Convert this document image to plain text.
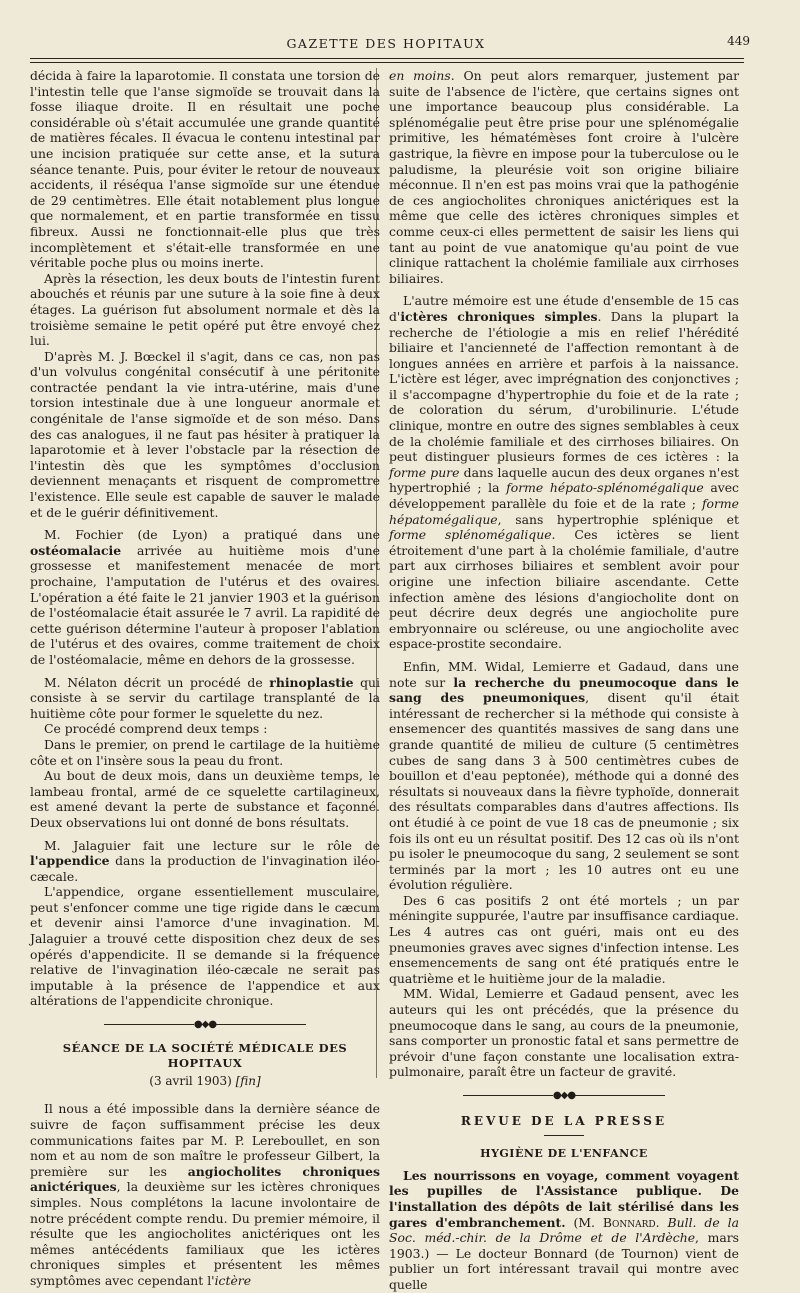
GAZETTE DES HOPITAUX	449

décida à faire la laparotomie. Il constata une torsion de l'intestin telle que l'anse sigmoïde se trouvait dans la fosse iliaque droite. Il en résultait une poche considérable où s'était accumulée une grande quantité de matières fécales. Il évacua le contenu intestinal par une incision pratiquée sur cette anse, et la sutura séance tenante. Puis, pour éviter le retour de nouveaux accidents, il réséqua l'anse sigmoïde sur une étendue de 29 centimètres. Elle était notablement plus longue que normalement, et en partie transformée en tissu fibreux. Aussi ne fonctionnait-elle plus que très incomplètement et s'était-elle transformée en une véritable poche plus ou moins inerte.

Après la résection, les deux bouts de l'intestin furent abouchés et réunis par une suture à la soie fine à deux étages. La guérison fut absolument normale et dès la troisième semaine le petit opéré put être envoyé chez lui.

D'après M. J. Bœckel il s'agit, dans ce cas, non pas d'un volvulus congénital consécutif à une péritonite contractée pendant la vie intra-utérine, mais d'une torsion intestinale due à une longueur anormale et congénitale de l'anse sigmoïde et de son méso. Dans des cas analogues, il ne faut pas hésiter à pratiquer la laparotomie et à lever l'obstacle par la résection de l'intestin dès que les symptômes d'occlusion deviennent menaçants et risquent de compromettre l'existence. Elle seule est capable de sauver le malade et de le guérir définitivement.

M. Fochier (de Lyon) a pratiqué dans une ostéomalacie arrivée au huitième mois d'une grossesse et manifestement menacée de mort prochaine, l'amputation de l'utérus et des ovaires. L'opération a été faite le 21 janvier 1903 et la guérison de l'ostéomalacie était assurée le 7 avril. La rapidité de cette guérison détermine l'auteur à proposer l'ablation de l'utérus et des ovaires, comme traitement de choix de l'ostéomalacie, même en dehors de la grossesse.

M. Nélaton décrit un procédé de rhinoplastie qui consiste à se servir du cartilage transplanté de la huitième côte pour former le squelette du nez.

Ce procédé comprend deux temps :

Dans le premier, on prend le cartilage de la huitième côte et on l'insère sous la peau du front.

Au bout de deux mois, dans un deuxième temps, le lambeau frontal, armé de ce squelette cartilagineux, est amené devant la perte de substance et façonné. Deux observations lui ont donné de bons résultats.

M. Jalaguier fait une lecture sur le rôle de l'appendice dans la production de l'invagination iléo-cæcale.

L'appendice, organe essentiellement musculaire, peut s'enfoncer comme une tige rigide dans le cæcum et devenir ainsi l'amorce d'une invagination. M. Jalaguier a trouvé cette disposition chez deux de ses opérés d'appendicite. Il se demande si la fréquence relative de l'invagination iléo-cæcale ne serait pas imputable à la présence de l'appendice et aux altérations de l'appendicite chronique.

●◆●
SÉANCE DE LA SOCIÉTÉ MÉDICALE DES HOPITAUX
(3 avril 1903) [fin]

Il nous a été impossible dans la dernière séance de suivre de façon suffisamment précise les deux communications faites par M. P. Lereboullet, en son nom et au nom de son maître le professeur Gilbert, la première sur les angiocholites chroniques anictériques, la deuxième sur les ictères chroniques simples. Nous complétons la lacune involontaire de notre précédent compte rendu. Du premier mémoire, il résulte que les angiocholites anictériques ont les mêmes antécédents familiaux que les ictères chroniques simples et présentent les mêmes symptômes avec cependant l'ictère

en moins. On peut alors remarquer, justement par suite de l'absence de l'ictère, que certains signes ont une importance beaucoup plus considérable. La splénomégalie peut être prise pour une splénomégalie primitive, les hématémèses font croire à l'ulcère gastrique, la fièvre en impose pour la tuberculose ou le paludisme, la pleurésie voit son origine biliaire méconnue. Il n'en est pas moins vrai que la pathogénie de ces angiocholites chroniques anictériques est la même que celle des ictères chroniques simples et comme ceux-ci elles permettent de saisir les liens qui tant au point de vue anatomique qu'au point de vue clinique rattachent la cholémie familiale aux cirrhoses biliaires.

L'autre mémoire est une étude d'ensemble de 15 cas d'ictères chroniques simples. Dans la plupart la recherche de l'étiologie a mis en relief l'hérédité biliaire et l'ancienneté de l'affection remontant à de longues années en arrière et parfois à la naissance. L'ictère est léger, avec imprégnation des conjonctives ; il s'accompagne d'hypertrophie du foie et de la rate ; de coloration du sérum, d'urobilinurie. L'étude clinique, montre en outre des signes semblables à ceux de la cholémie familiale et des cirrhoses biliaires. On peut distinguer plusieurs formes de ces ictères : la forme pure dans laquelle aucun des deux organes n'est hypertrophié ; la forme hépato-splénomégalique avec développement parallèle du foie et de la rate ; forme hépatomégalique, sans hypertrophie splénique et forme splénomégalique. Ces ictères se lient étroitement d'une part à la cholémie familiale, d'autre part aux cirrhoses biliaires et semblent avoir pour origine une infection biliaire ascendante. Cette infection amène des lésions d'angiocholite dont on peut décrire deux degrés une angiocholite pure embryonnaire ou scléreuse, ou une angiocholite avec espace-prostite secondaire.

Enfin, MM. Widal, Lemierre et Gadaud, dans une note sur la recherche du pneumocoque dans le sang des pneumoniques, disent qu'il était intéressant de rechercher si la méthode qui consiste à ensemencer des quantités massives de sang dans une grande quantité de milieu de culture (5 centimètres cubes de sang dans 3 à 500 centimètres cubes de bouillon et d'eau peptonée), méthode qui a donné des résultats si nouveaux dans la fièvre typhoïde, donnerait des résultats comparables dans d'autres affections. Ils ont étudié à ce point de vue 18 cas de pneumonie ; six fois ils ont eu un résultat positif. Des 12 cas où ils n'ont pu isoler le pneumocoque du sang, 2 seulement se sont terminés par la mort ; les 10 autres ont eu une évolution régulière.

Des 6 cas positifs 2 ont été mortels ; un par méningite suppurée, l'autre par insuffisance cardiaque. Les 4 autres cas ont guéri, mais ont eu des pneumonies graves avec signes d'infection intense. Les ensemencements de sang ont été pratiqués entre le quatrième et le huitième jour de la maladie.

MM. Widal, Lemierre et Gadaud pensent, avec les auteurs qui les ont précédés, que la présence du pneumocoque dans le sang, au cours de la pneumonie, sans comporter un pronostic fatal et sans permettre de prévoir d'une façon constante une localisation extra-pulmonaire, paraît être un facteur de gravité.

●◆●
REVUE DE LA PRESSE
HYGIÈNE DE L'ENFANCE

Les nourrissons en voyage, comment voyagent les pupilles de l'Assistance publique. De l'installation des dépôts de lait stérilisé dans les gares d'embranchement. (M. Bonnard. Bull. de la Soc. méd.-chir. de la Drôme et de l'Ardèche, mars 1903.) — Le docteur Bonnard (de Tournon) vient de publier un fort intéressant travail qui montre avec quelle
